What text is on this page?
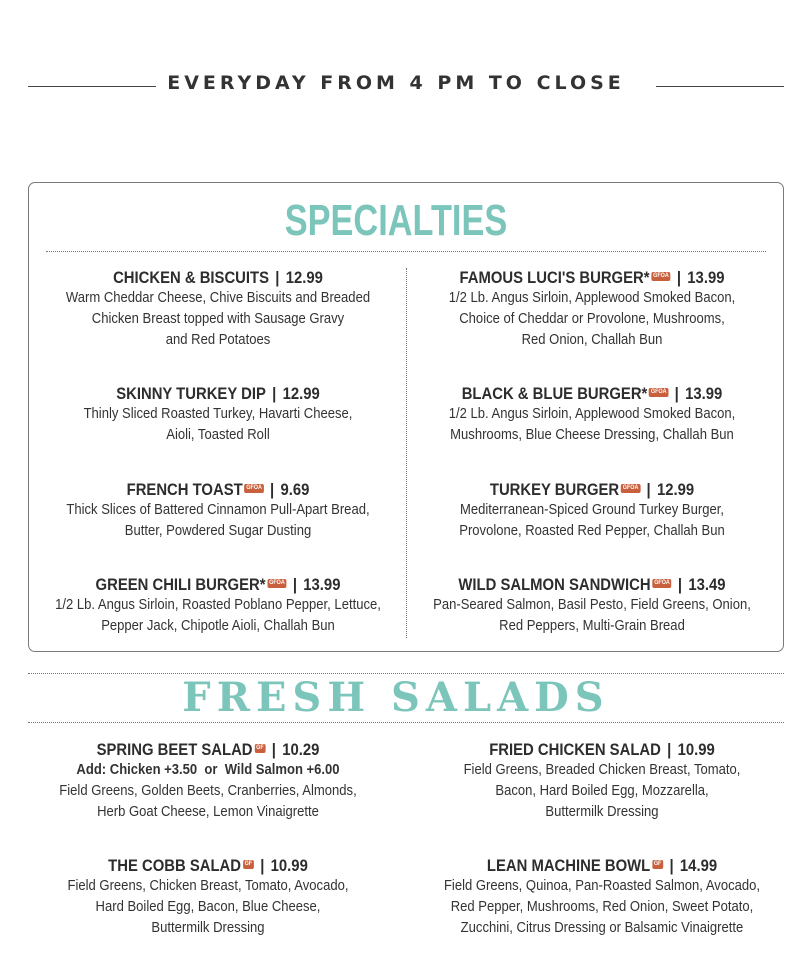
EVERYDAY FROM 4 PM TO CLOSE
SPECIALTIES
CHICKEN & BISCUITS | 12.99
Warm Cheddar Cheese, Chive Biscuits and Breaded
Chicken Breast topped with Sausage Gravy
and Red Potatoes
FAMOUS LUCI'S BURGER* GFOA | 13.99
1/2 Lb. Angus Sirloin, Applewood Smoked Bacon,
Choice of Cheddar or Provolone, Mushrooms,
Red Onion, Challah Bun
SKINNY TURKEY DIP | 12.99
Thinly Sliced Roasted Turkey, Havarti Cheese,
Aioli, Toasted Roll
BLACK & BLUE BURGER* GFOA | 13.99
1/2 Lb. Angus Sirloin, Applewood Smoked Bacon,
Mushrooms, Blue Cheese Dressing, Challah Bun
FRENCH TOAST GFOA | 9.69
Thick Slices of Battered Cinnamon Pull-Apart Bread,
Butter, Powdered Sugar Dusting
TURKEY BURGER GFOA | 12.99
Mediterranean-Spiced Ground Turkey Burger,
Provolone, Roasted Red Pepper, Challah Bun
GREEN CHILI BURGER* GFOA | 13.99
1/2 Lb. Angus Sirloin, Roasted Poblano Pepper, Lettuce,
Pepper Jack, Chipotle Aioli, Challah Bun
WILD SALMON SANDWICH GFOA | 13.49
Pan-Seared Salmon, Basil Pesto, Field Greens, Onion,
Red Peppers, Multi-Grain Bread
FRESH SALADS
SPRING BEET SALAD GF | 10.29
Add: Chicken +3.50  or  Wild Salmon +6.00
Field Greens, Golden Beets, Cranberries, Almonds,
Herb Goat Cheese, Lemon Vinaigrette
FRIED CHICKEN SALAD | 10.99
Field Greens, Breaded Chicken Breast, Tomato,
Bacon, Hard Boiled Egg, Mozzarella,
Buttermilk Dressing
THE COBB SALAD GF | 10.99
Field Greens, Chicken Breast, Tomato, Avocado,
Hard Boiled Egg, Bacon, Blue Cheese,
Buttermilk Dressing
LEAN MACHINE BOWL GF | 14.99
Field Greens, Quinoa, Pan-Roasted Salmon, Avocado,
Red Pepper, Mushrooms, Red Onion, Sweet Potato,
Zucchini, Citrus Dressing or Balsamic Vinaigrette
